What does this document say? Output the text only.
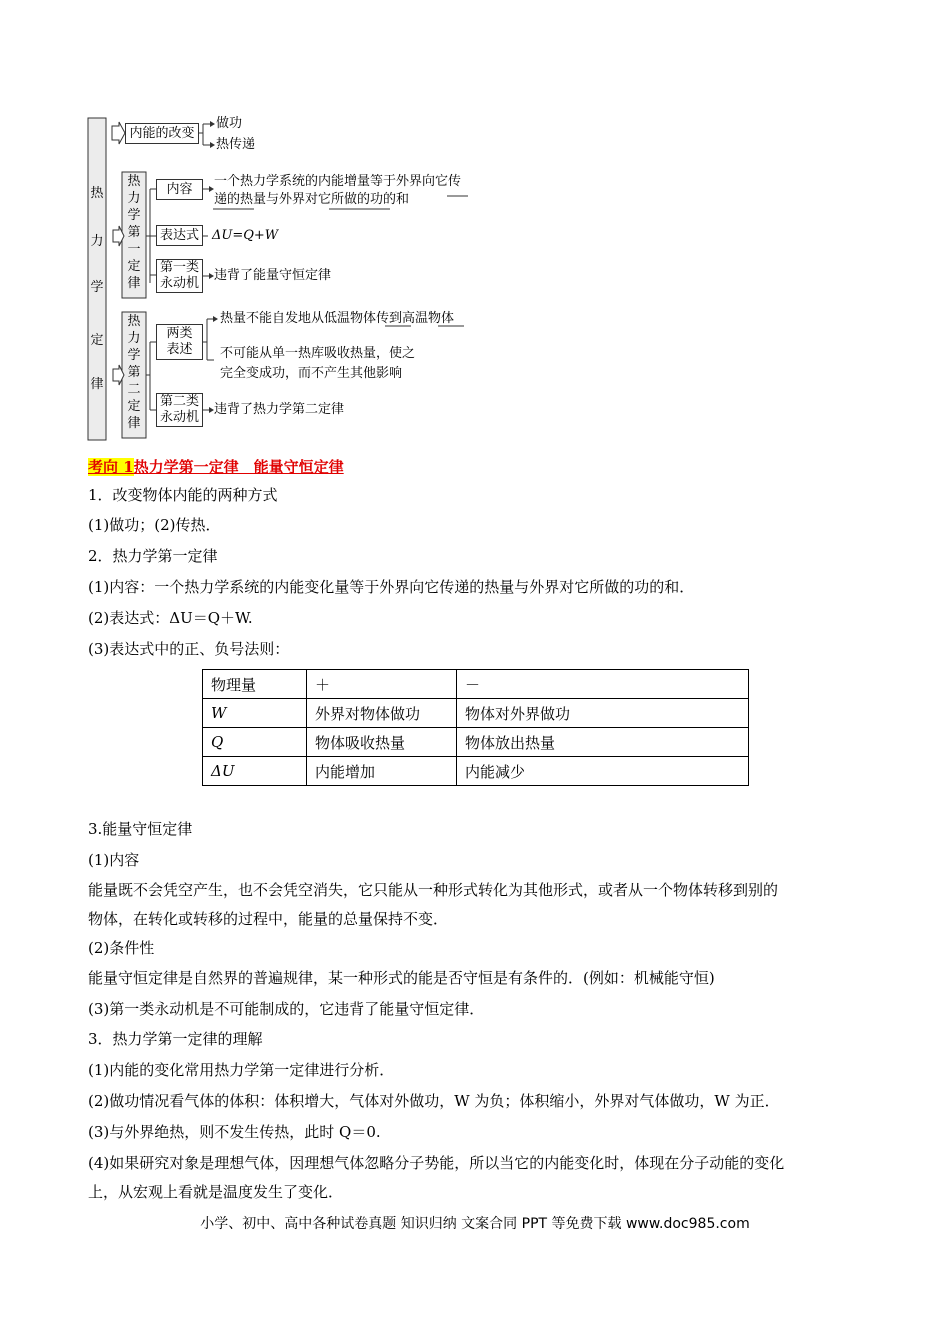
热
力
学
定
律
内能的改变
做功
热传递
热
力
学
第
一
定
律
内容
一个热力学系统的内能增量等于外界向它传
递的热量与外界对它所做的功的和
表达式	ΔU=Q+W
第一类
永动机
违背了能量守恒定律
热
力
学
第
二
定
律
两类
表述
热量不能自发地从低温物体传到高温物体
不可能从单一热库吸收热量，使之
完全变成功，而不产生其他影响
第二类
永动机
违背了热力学第二定律
考向 1热力学第一定律　能量守恒定律
1．改变物体内能的两种方式
(1)做功；(2)传热．
2．热力学第一定律
(1)内容：一个热力学系统的内能变化量等于外界向它传递的热量与外界对它所做的功的和．
(2)表达式：ΔU＝Q＋W.
(3)表达式中的正、负号法则：
物理量	＋	－
W	外界对物体做功	物体对外界做功
Q	物体吸收热量	物体放出热量
ΔU	内能增加	内能减少
3.能量守恒定律
(1)内容
能量既不会凭空产生，也不会凭空消失，它只能从一种形式转化为其他形式，或者从一个物体转移到别的
物体，在转化或转移的过程中，能量的总量保持不变．
(2)条件性
能量守恒定律是自然界的普遍规律，某一种形式的能是否守恒是有条件的．(例如：机械能守恒)
(3)第一类永动机是不可能制成的，它违背了能量守恒定律．
3．热力学第一定律的理解
(1)内能的变化常用热力学第一定律进行分析．
(2)做功情况看气体的体积：体积增大，气体对外做功，W 为负；体积缩小，外界对气体做功，W 为正．
(3)与外界绝热，则不发生传热，此时 Q＝0.
(4)如果研究对象是理想气体，因理想气体忽略分子势能，所以当它的内能变化时，体现在分子动能的变化
上，从宏观上看就是温度发生了变化．
小学、初中、高中各种试卷真题 知识归纳 文案合同 PPT 等免费下载 www.doc985.com
